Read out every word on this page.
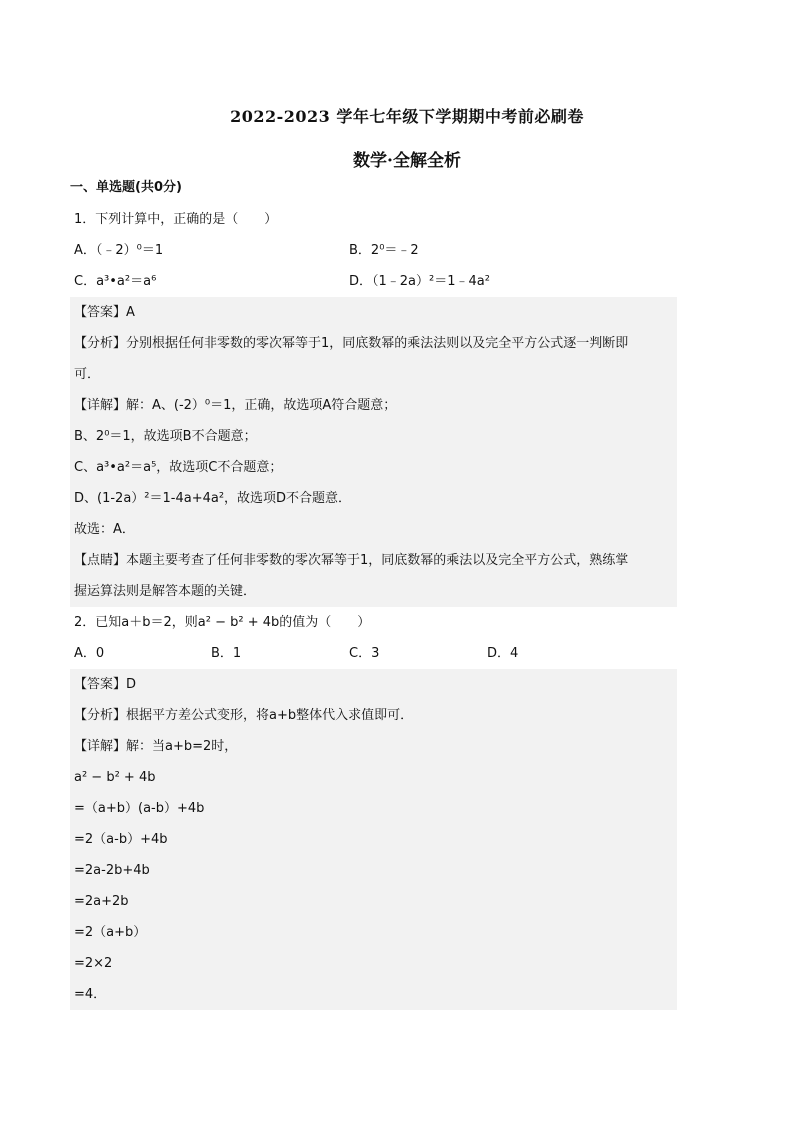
2022-2023 学年七年级下学期期中考前必刷卷
数学·全解全析
一、单选题(共0分)
1．下列计算中，正确的是（　　）
A．（﹣2）⁰＝1	B．2⁰＝﹣2
C．a³•a²＝a⁶	D．（1﹣2a）²＝1﹣4a²
【答案】A
【分析】分别根据任何非零数的零次幂等于1，同底数幂的乘法法则以及完全平方公式逐一判断即
可．
【详解】解：A、(-2）⁰＝1，正确，故选项A符合题意；
B、2⁰＝1，故选项B不合题意；
C、a³•a²＝a⁵，故选项C不合题意；
D、(1-2a）²＝1-4a+4a²，故选项D不合题意．
故选：A．
【点睛】本题主要考查了任何非零数的零次幂等于1，同底数幂的乘法以及完全平方公式，熟练掌
握运算法则是解答本题的关键．
2．已知a＋b＝2，则a² − b² + 4b的值为（　　）
A．0	B．1	C．3	D．4
【答案】D
【分析】根据平方差公式变形，将a+b整体代入求值即可．
【详解】解：当a+b=2时，
a² − b² + 4b
=（a+b）(a-b）+4b
=2（a-b）+4b
=2a-2b+4b
=2a+2b
=2（a+b）
=2×2
=4．
